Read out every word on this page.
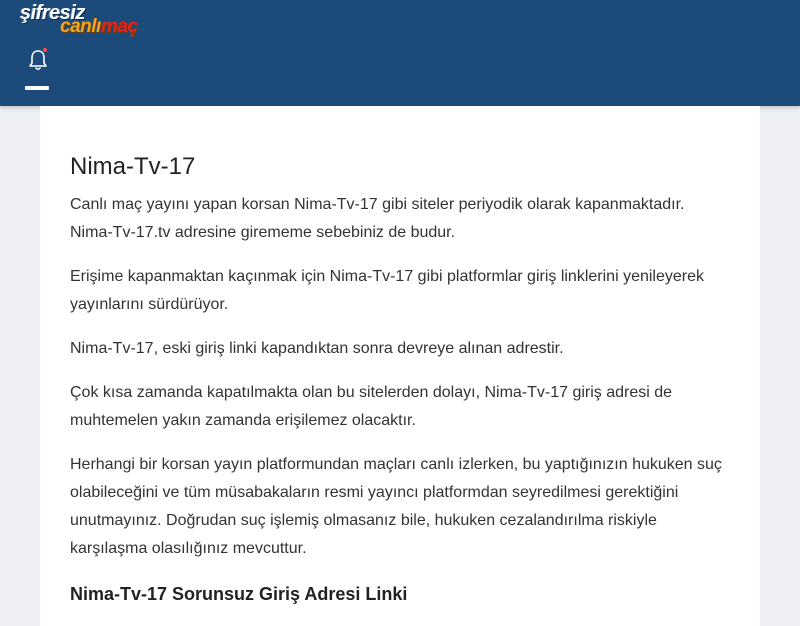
şifresiz
canlımaç
Nima-Tv-17

Canlı maç yayını yapan korsan Nima-Tv-17 gibi siteler periyodik olarak kapanmaktadır. Nima-Tv-17.tv adresine girememe sebebiniz de budur.

Erişime kapanmaktan kaçınmak için Nima-Tv-17 gibi platformlar giriş linklerini yenileyerek yayınlarını sürdürüyor.

Nima-Tv-17, eski giriş linki kapandıktan sonra devreye alınan adrestir.

Çok kısa zamanda kapatılmakta olan bu sitelerden dolayı, Nima-Tv-17 giriş adresi de muhtemelen yakın zamanda erişilemez olacaktır.

Herhangi bir korsan yayın platformundan maçları canlı izlerken, bu yaptığınızın hukuken suç olabileceğini ve tüm müsabakaların resmi yayıncı platformdan seyredilmesi gerektiğini unutmayınız. Doğrudan suç işlemiş olmasanız bile, hukuken cezalandırılma riskiyle karşılaşma olasılığınız mevcuttur.

Nima-Tv-17 Sorunsuz Giriş Adresi Linki
